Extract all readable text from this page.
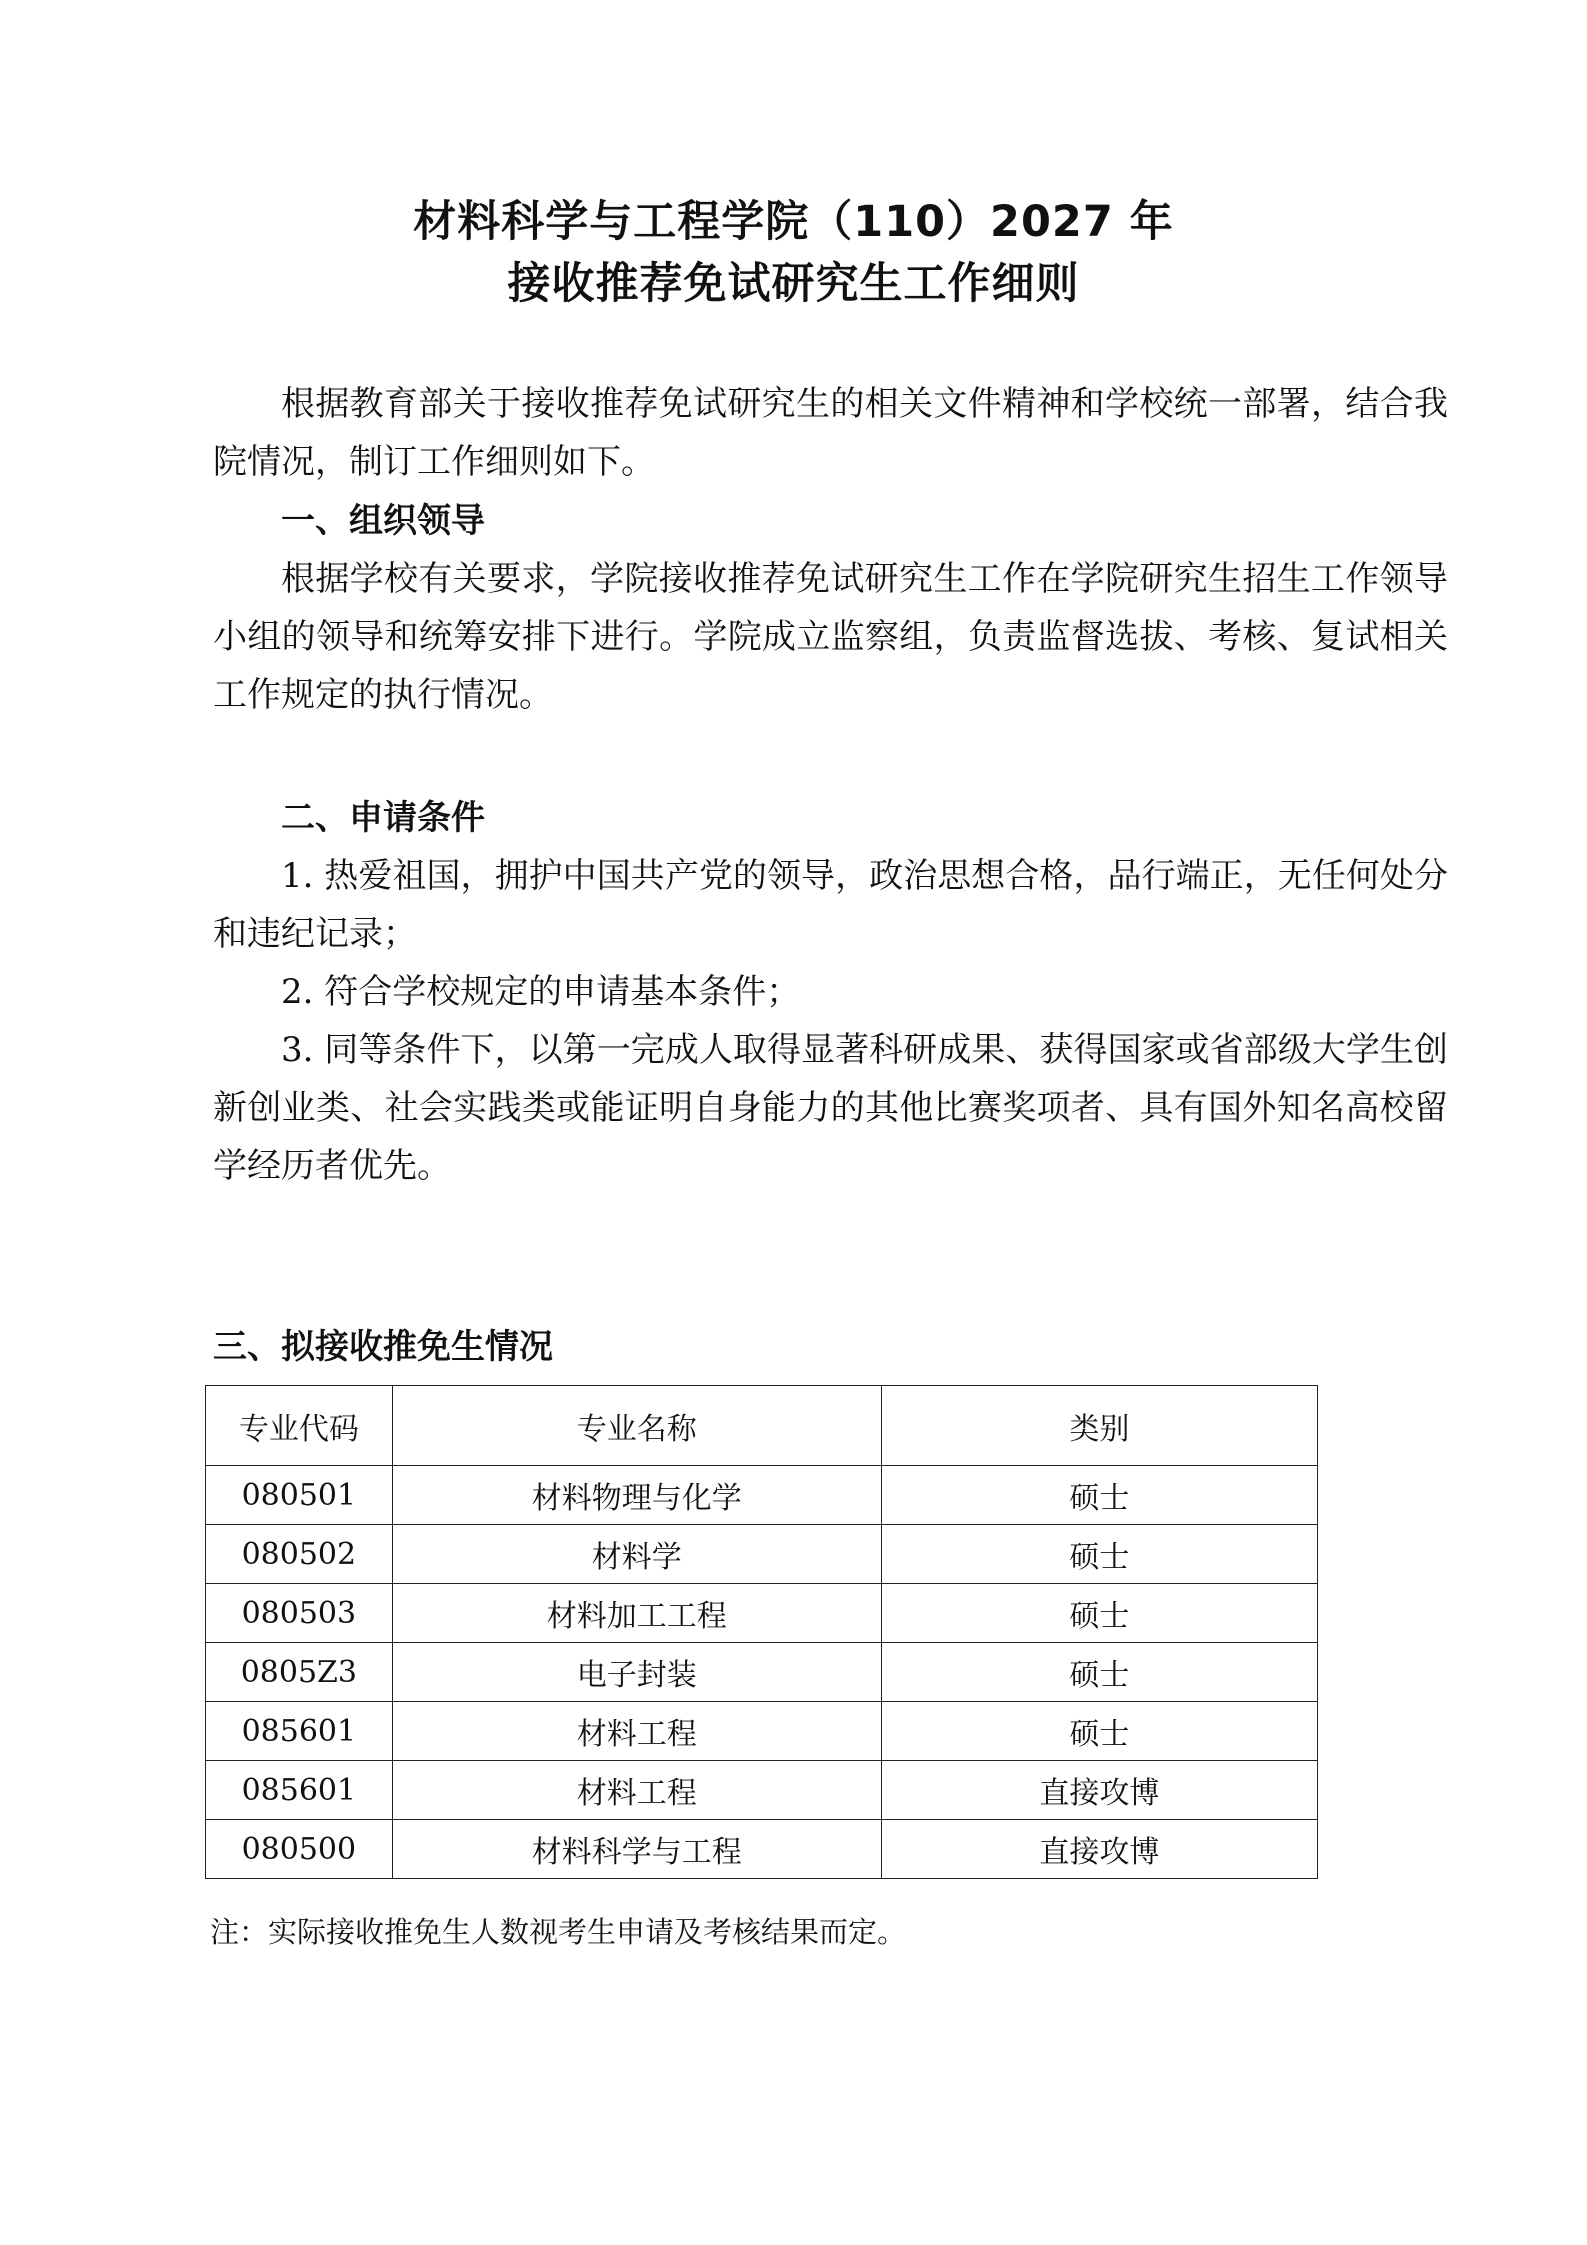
材料科学与工程学院（110）2027 年
接收推荐免试研究生工作细则
根据教育部关于接收推荐免试研究生的相关文件精神和学校统一部署，结合我院情况，制订工作细则如下。
一、组织领导
根据学校有关要求，学院接收推荐免试研究生工作在学院研究生招生工作领导小组的领导和统筹安排下进行。学院成立监察组，负责监督选拔、考核、复试相关工作规定的执行情况。
二、申请条件
1. 热爱祖国，拥护中国共产党的领导，政治思想合格，品行端正，无任何处分和违纪记录；
2. 符合学校规定的申请基本条件；
3. 同等条件下，以第一完成人取得显著科研成果、获得国家或省部级大学生创新创业类、社会实践类或能证明自身能力的其他比赛奖项者、具有国外知名高校留学经历者优先。
三、拟接收推免生情况
专业代码	专业名称	类别
080501	材料物理与化学	硕士
080502	材料学	硕士
080503	材料加工工程	硕士
0805Z3	电子封装	硕士
085601	材料工程	硕士
085601	材料工程	直接攻博
080500	材料科学与工程	直接攻博
注：实际接收推免生人数视考生申请及考核结果而定。
